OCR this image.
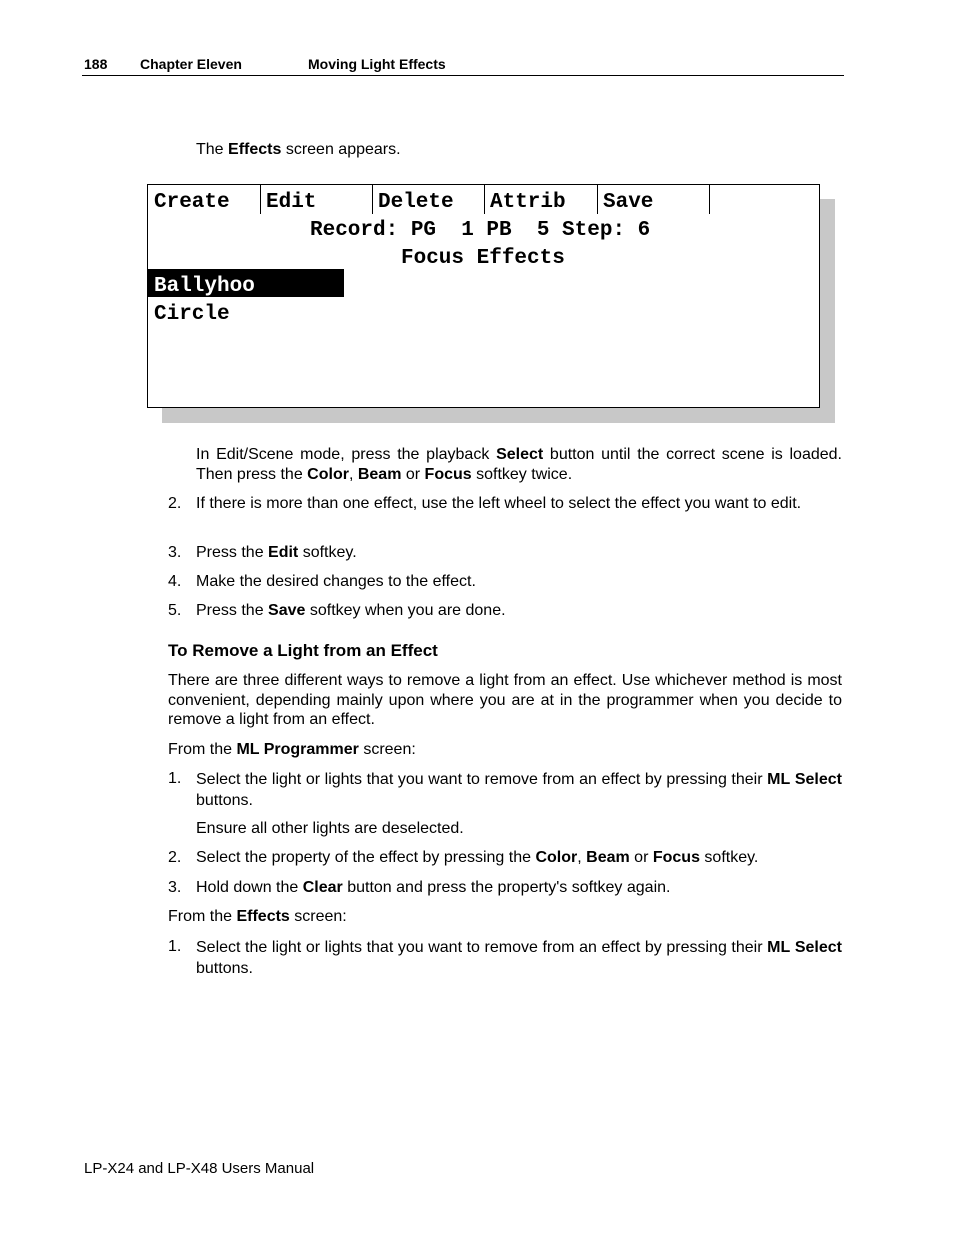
188 Chapter Eleven	Moving Light Effects
The Effects screen appears.
Create Edit	Delete Attrib Save
Record: PG  1 PB  5 Step: 6
Focus Effects
Ballyhoo
Circle
In Edit/Scene mode, press the playback Select button until the correct scene is loaded. Then press the Color, Beam or Focus softkey twice.
2. If there is more than one effect, use the left wheel to select the effect you want to edit.
3. Press the Edit softkey.
4. Make the desired changes to the effect.
5. Press the Save softkey when you are done.
To Remove a Light from an Effect
There are three different ways to remove a light from an effect. Use whichever method is most convenient, depending mainly upon where you are at in the programmer when you decide to remove a light from an effect.
From the ML Programmer screen:
1. Select the light or lights that you want to remove from an effect by pressing their ML Select buttons.
Ensure all other lights are deselected.
2. Select the property of the effect by pressing the Color, Beam or Focus softkey.
3. Hold down the Clear button and press the property's softkey again.
From the Effects screen:
1. Select the light or lights that you want to remove from an effect by pressing their ML Select buttons.
LP-X24 and LP-X48 Users Manual
